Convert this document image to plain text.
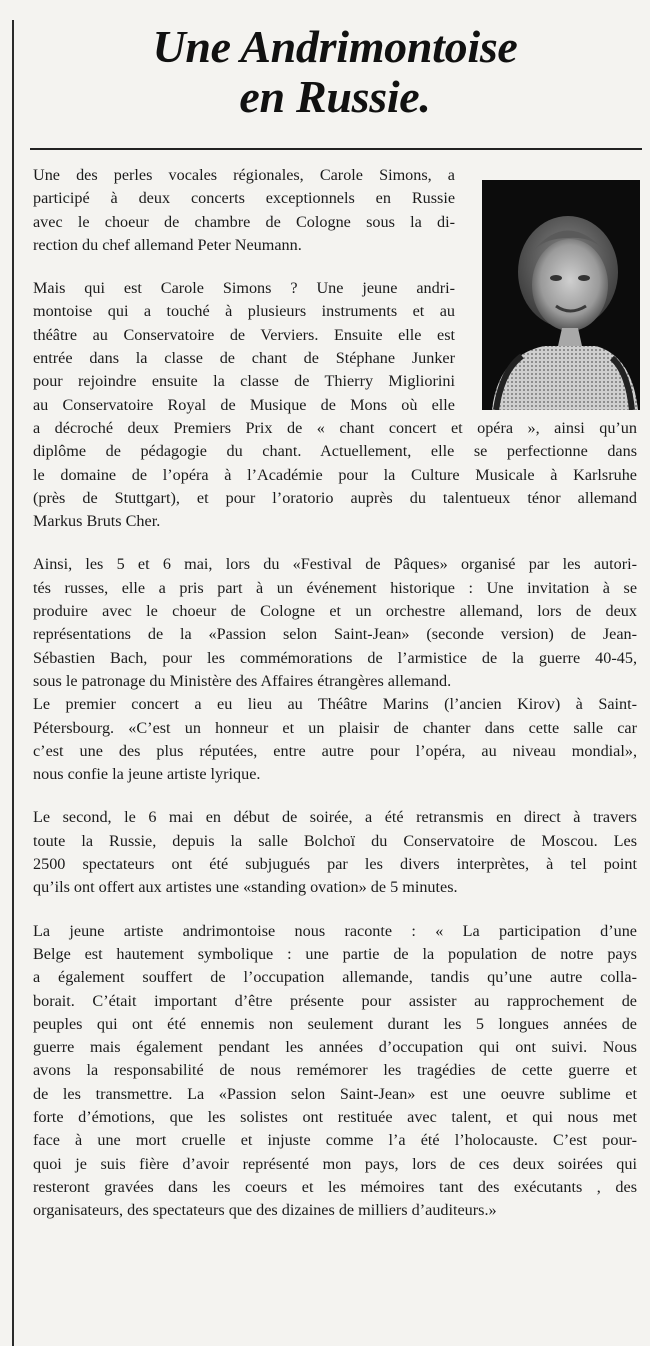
Une Andrimontoise
en Russie.

Une des perles vocales régionales, Carole Simons, a
participé à deux concerts exceptionnels en Russie
avec le choeur de chambre de Cologne sous la di-
rection du chef allemand Peter Neumann.

Mais qui est Carole Simons ? Une jeune andri-
montoise qui a touché à plusieurs instruments et au
théâtre au Conservatoire de Verviers. Ensuite elle est
entrée dans la classe de chant de Stéphane Junker
pour rejoindre ensuite la classe de Thierry Migliorini
au Conservatoire Royal de Musique de Mons où elle
a décroché deux Premiers Prix de « chant concert et opéra », ainsi qu’un
diplôme de pédagogie du chant. Actuellement, elle se perfectionne dans
le domaine de l’opéra à l’Académie pour la Culture Musicale à Karlsruhe
(près de Stuttgart), et pour l’oratorio auprès du talentueux ténor allemand
Markus Bruts Cher.

Ainsi, les 5 et 6 mai, lors du «Festival de Pâques» organisé par les autori-
tés russes, elle a pris part à un événement historique : Une invitation à se
produire avec le choeur de Cologne et un orchestre allemand, lors de deux
représentations de la «Passion selon Saint-Jean» (seconde version) de Jean-
Sébastien Bach, pour les commémorations de l’armistice de la guerre 40-45,
sous le patronage du Ministère des Affaires étrangères allemand.

Le premier concert a eu lieu au Théâtre Marins (l’ancien Kirov) à Saint-
Pétersbourg. «C’est un honneur et un plaisir de chanter dans cette salle car
c’est une des plus réputées, entre autre pour l’opéra, au niveau mondial»,
nous confie la jeune artiste lyrique.

Le second, le 6 mai en début de soirée, a été retransmis en direct à travers
toute la Russie, depuis la salle Bolchoï du Conservatoire de Moscou. Les
2500 spectateurs ont été subjugués par les divers interprètes, à tel point
qu’ils ont offert aux artistes une «standing ovation» de 5 minutes.

La jeune artiste andrimontoise nous raconte : « La participation d’une
Belge est hautement symbolique : une partie de la population de notre pays
a également souffert de l’occupation allemande, tandis qu’une autre colla-
borait. C’était important d’être présente pour assister au rapprochement de
peuples qui ont été ennemis non seulement durant les 5 longues années de
guerre mais également pendant les années d’occupation qui ont suivi. Nous
avons la responsabilité de nous remémorer les tragédies de cette guerre et
de les transmettre. La «Passion selon Saint-Jean» est une oeuvre sublime et
forte d’émotions, que les solistes ont restituée avec talent, et qui nous met
face à une mort cruelle et injuste comme l’a été l’holocauste. C’est pour-
quoi je suis fière d’avoir représenté mon pays, lors de ces deux soirées qui
resteront gravées dans les coeurs et les mémoires tant des exécutants , des
organisateurs, des spectateurs que des dizaines de milliers d’auditeurs.»
